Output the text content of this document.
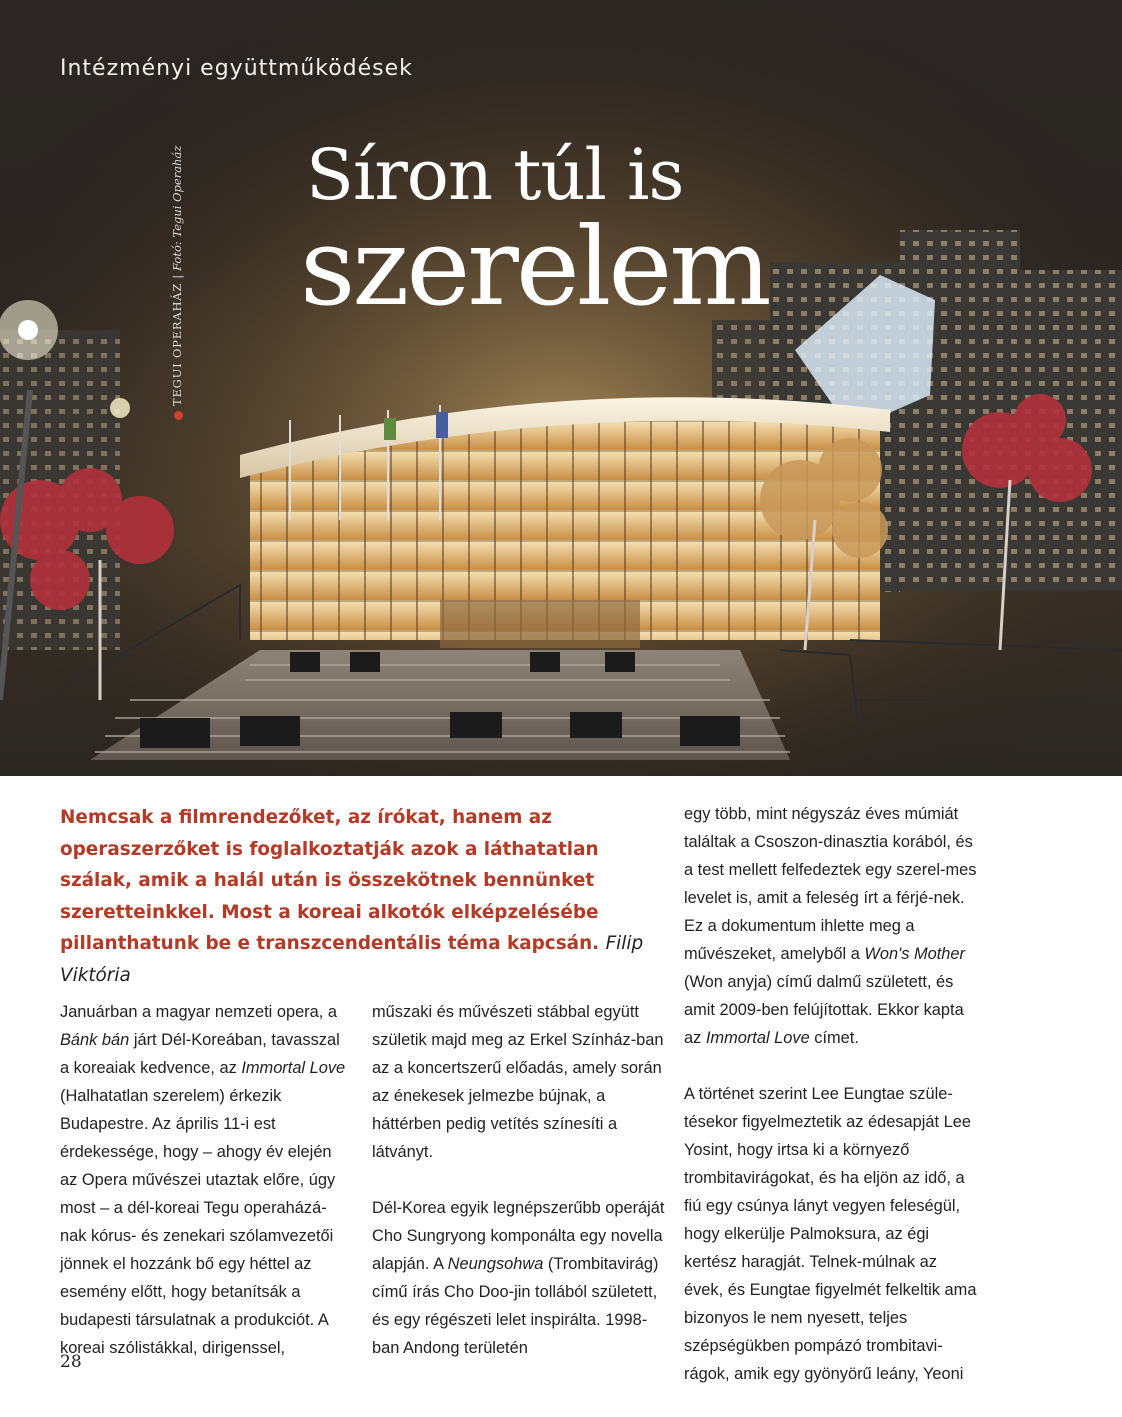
Intézményi együttműködések
Síron túl is
szerelem
TEGUI OPERAHÁZ|Fotó: Tegui Operaház
Nemcsak a filmrendezőket, az írókat, hanem az operaszerzőket is foglalkoztatják azok a láthatatlan szálak, amik a halál után is összekötnek bennünket szeretteinkkel. Most a koreai alkotók elképzelésébe pillanthatunk be e transzcendentális téma kapcsán. Filip Viktória

Januárban a magyar nemzeti opera, a Bánk bán járt Dél-Koreában, tavasszal a koreaiak kedvence, az Immortal Love (Halhatatlan szerelem) érkezik Budapestre. Az április 11-i est érdekessége, hogy – ahogy év elején az Opera művészei utaztak előre, úgy most – a dél-koreai Tegu operaházá-nak kórus- és zenekari szólamvezetői jönnek el hozzánk bő egy héttel az esemény előtt, hogy betanítsák a budapesti társulatnak a produkciót. A koreai szólistákkal, dirigenssel,

műszaki és művészeti stábbal együtt születik majd meg az Erkel Színház-ban az a koncertszerű előadás, amely során az énekesek jelmezbe bújnak, a háttérben pedig vetítés színesíti a látványt.

Dél-Korea egyik legnépszerűbb operáját Cho Sungryong komponálta egy novella alapján. A Neungsohwa (Trombitavirág) című írás Cho Doo-jin tollából született, és egy régészeti lelet inspirálta. 1998-ban Andong területén

egy több, mint négyszáz éves múmiát találtak a Csoszon-dinasztia korából, és a test mellett felfedeztek egy szerel-mes levelet is, amit a feleség írt a férjé-nek. Ez a dokumentum ihlette meg a művészeket, amelyből a Won's Mother (Won anyja) című dalmű született, és amit 2009-ben felújítottak. Ekkor kapta az Immortal Love címet.

A történet szerint Lee Eungtae szüle-tésekor figyelmeztetik az édesapját Lee Yosint, hogy irtsa ki a környező trombitavirágokat, és ha eljön az idő, a fiú egy csúnya lányt vegyen feleségül, hogy elkerülje Palmoksura, az égi kertész haragját. Telnek-múlnak az évek, és Eungtae figyelmét felkeltik ama bizonyos le nem nyesett, teljes szépségükben pompázó trombitavi-rágok, amik egy gyönyörű leány, Yeoni

28
